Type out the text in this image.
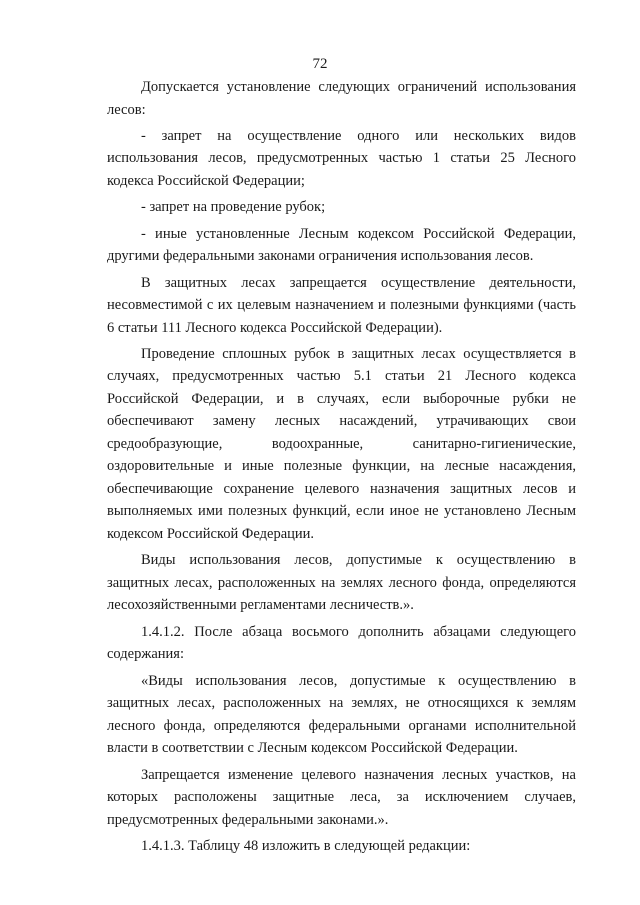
72

Допускается установление следующих ограничений использования лесов:

- запрет на осуществление одного или нескольких видов использования лесов, предусмотренных частью 1 статьи 25 Лесного кодекса Российской Федерации;

- запрет на проведение рубок;

- иные установленные Лесным кодексом Российской Федерации, другими федеральными законами ограничения использования лесов.

В защитных лесах запрещается осуществление деятельности, несовместимой с их целевым назначением и полезными функциями (часть 6 статьи 111 Лесного кодекса Российской Федерации).

Проведение сплошных рубок в защитных лесах осуществляется в случаях, предусмотренных частью 5.1 статьи 21 Лесного кодекса Российской Федерации, и в случаях, если выборочные рубки не обеспечивают замену лесных насаждений, утрачивающих свои средообразующие, водоохранные, санитарно-гигиенические, оздоровительные и иные полезные функции, на лесные насаждения, обеспечивающие сохранение целевого назначения защитных лесов и выполняемых ими полезных функций, если иное не установлено Лесным кодексом Российской Федерации.

Виды использования лесов, допустимые к осуществлению в защитных лесах, расположенных на землях лесного фонда, определяются лесохозяйственными регламентами лесничеств.».

1.4.1.2. После абзаца восьмого дополнить абзацами следующего содержания:

«Виды использования лесов, допустимые к осуществлению в защитных лесах, расположенных на землях, не относящихся к землям лесного фонда, определяются федеральными органами исполнительной власти в соответствии с Лесным кодексом Российской Федерации.

Запрещается изменение целевого назначения лесных участков, на которых расположены защитные леса, за исключением случаев, предусмотренных федеральными законами.».

1.4.1.3. Таблицу 48 изложить в следующей редакции:
